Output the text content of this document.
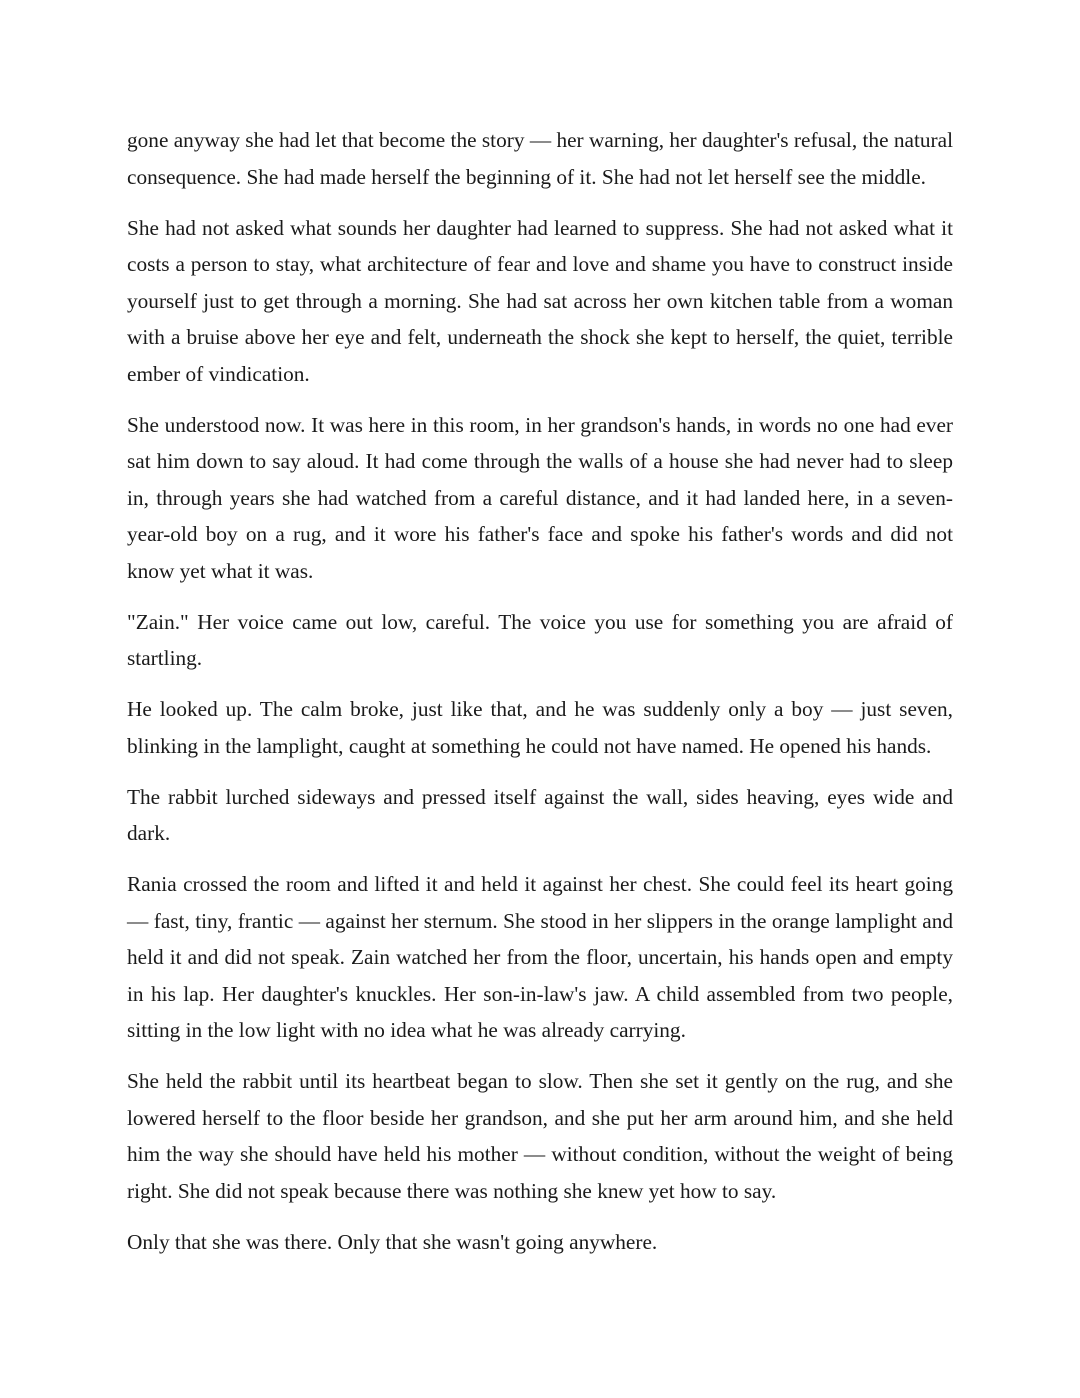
gone anyway she had let that become the story — her warning, her daughter's refusal, the natural consequence. She had made herself the beginning of it. She had not let herself see the middle.

She had not asked what sounds her daughter had learned to suppress. She had not asked what it costs a person to stay, what architecture of fear and love and shame you have to construct inside yourself just to get through a morning. She had sat across her own kitchen table from a woman with a bruise above her eye and felt, underneath the shock she kept to herself, the quiet, terrible ember of vindication.

She understood now. It was here in this room, in her grandson's hands, in words no one had ever sat him down to say aloud. It had come through the walls of a house she had never had to sleep in, through years she had watched from a careful distance, and it had landed here, in a seven-year-old boy on a rug, and it wore his father's face and spoke his father's words and did not know yet what it was.

"Zain." Her voice came out low, careful. The voice you use for something you are afraid of startling.

He looked up. The calm broke, just like that, and he was suddenly only a boy — just seven, blinking in the lamplight, caught at something he could not have named. He opened his hands.

The rabbit lurched sideways and pressed itself against the wall, sides heaving, eyes wide and dark.

Rania crossed the room and lifted it and held it against her chest. She could feel its heart going — fast, tiny, frantic — against her sternum. She stood in her slippers in the orange lamplight and held it and did not speak. Zain watched her from the floor, uncertain, his hands open and empty in his lap. Her daughter's knuckles. Her son-in-law's jaw. A child assembled from two people, sitting in the low light with no idea what he was already carrying.

She held the rabbit until its heartbeat began to slow. Then she set it gently on the rug, and she lowered herself to the floor beside her grandson, and she put her arm around him, and she held him the way she should have held his mother — without condition, without the weight of being right. She did not speak because there was nothing she knew yet how to say.

Only that she was there. Only that she wasn't going anywhere.
